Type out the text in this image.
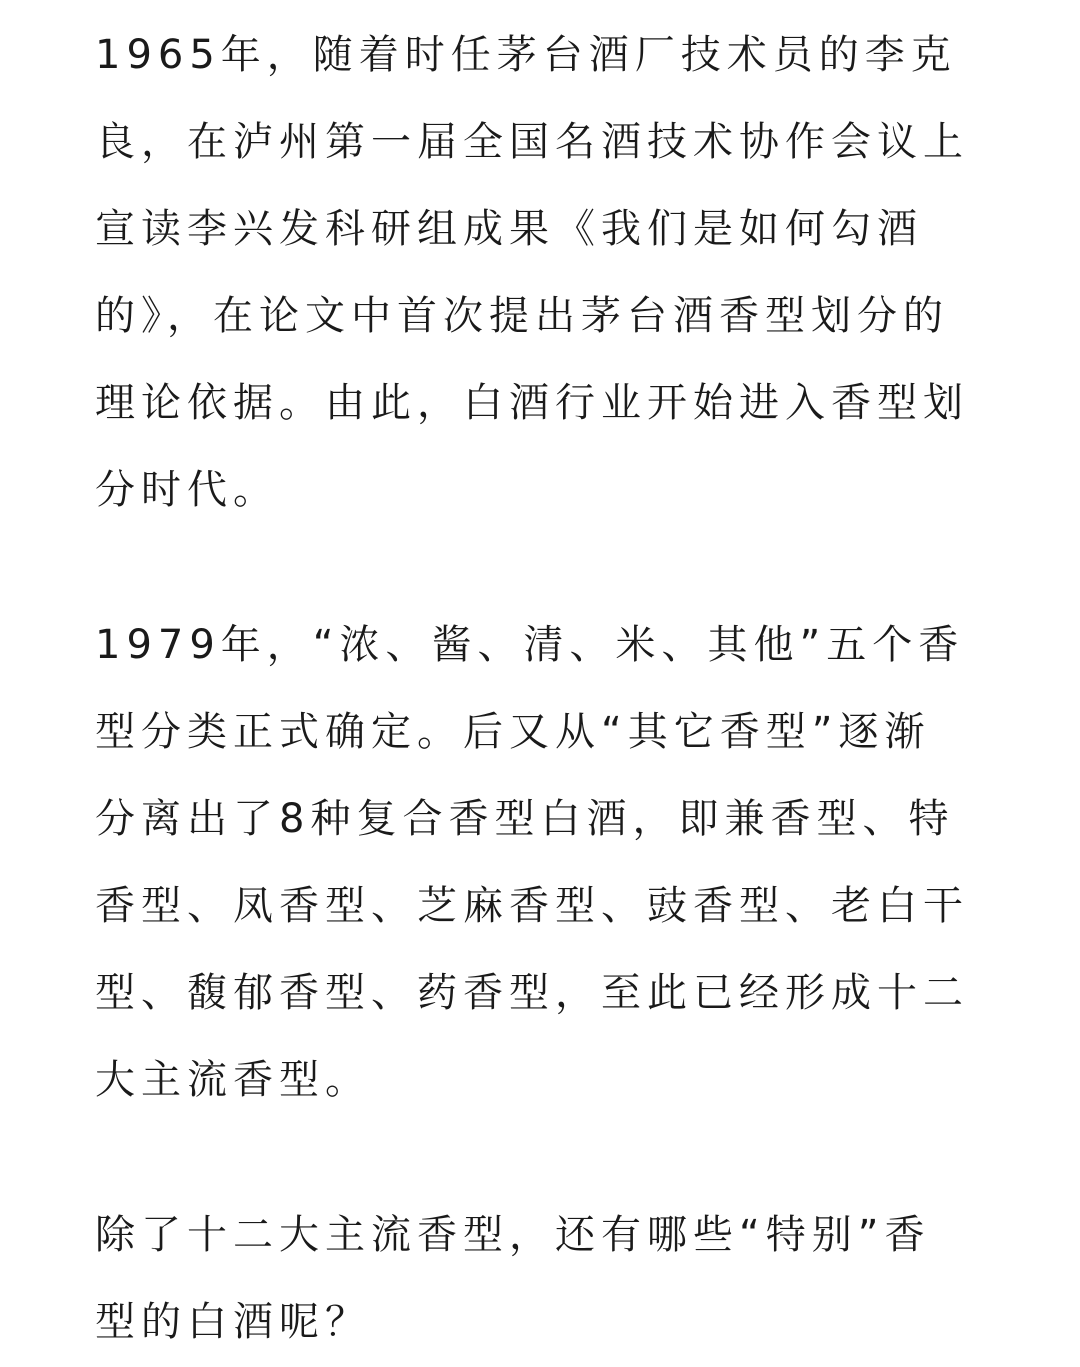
1965年，随着时任茅台酒厂技术员的李克
良，在泸州第一届全国名酒技术协作会议上
宣读李兴发科研组成果《我们是如何勾酒
的》，在论文中首次提出茅台酒香型划分的
理论依据。由此，白酒行业开始进入香型划
分时代。
1979年，“浓、酱、清、米、其他”五个香
型分类正式确定。后又从“其它香型”逐渐
分离出了8种复合香型白酒，即兼香型、特
香型、凤香型、芝麻香型、豉香型、老白干
型、馥郁香型、药香型，至此已经形成十二
大主流香型。
除了十二大主流香型，还有哪些“特别”香
型的白酒呢？
